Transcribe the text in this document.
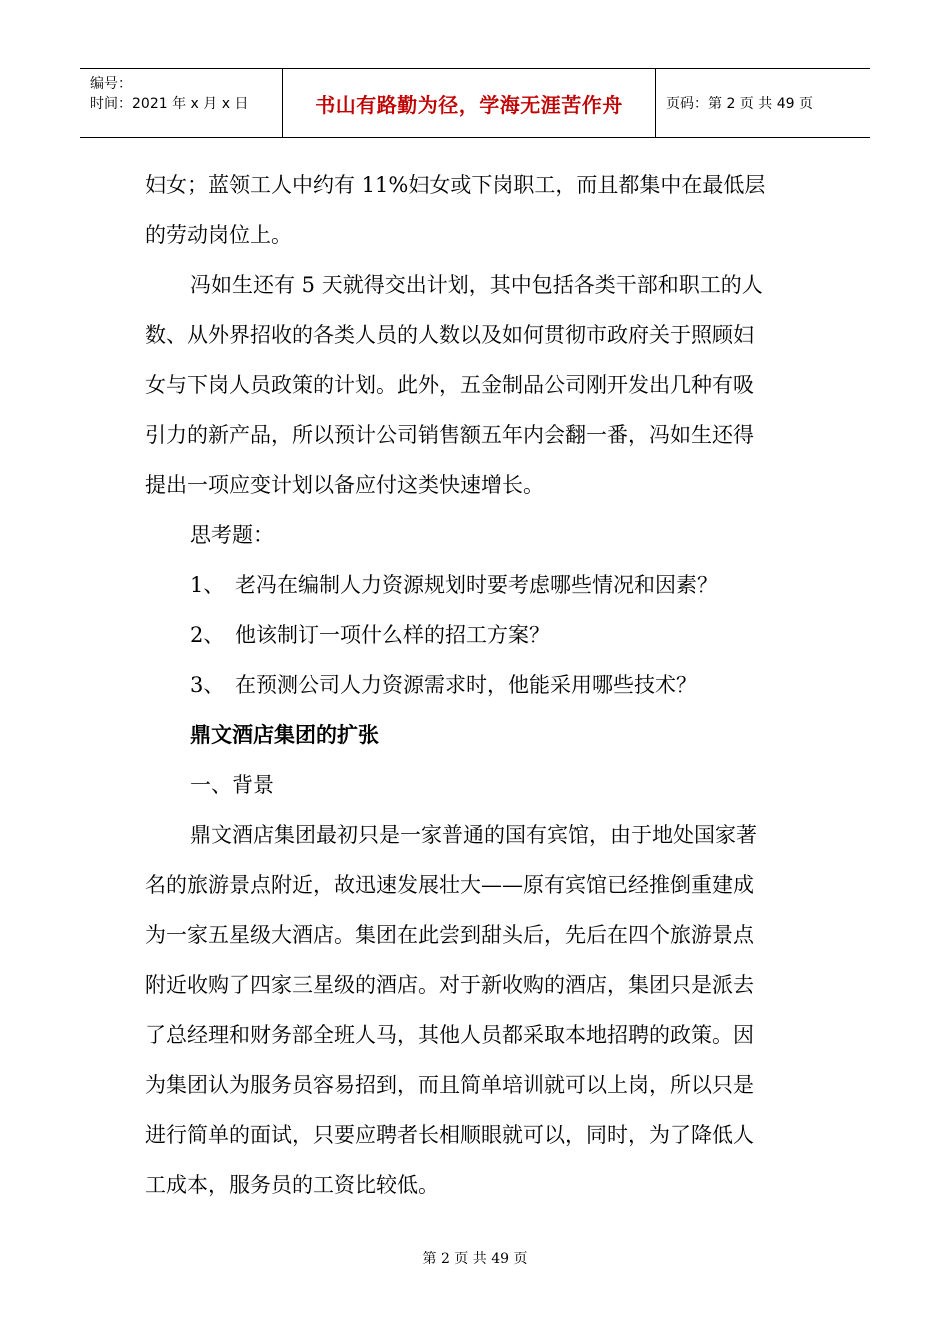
编号：
时间：2021 年 x 月 x 日	书山有路勤为径，学海无涯苦作舟	页码：第 2 页 共 49 页
妇女；蓝领工人中约有 11%妇女或下岗职工，而且都集中在最低层
的劳动岗位上。
冯如生还有 5 天就得交出计划，其中包括各类干部和职工的人
数、从外界招收的各类人员的人数以及如何贯彻市政府关于照顾妇
女与下岗人员政策的计划。此外，五金制品公司刚开发出几种有吸
引力的新产品，所以预计公司销售额五年内会翻一番，冯如生还得
提出一项应变计划以备应付这类快速增长。
思考题：
1、 老冯在编制人力资源规划时要考虑哪些情况和因素？
2、 他该制订一项什么样的招工方案？
3、 在预测公司人力资源需求时，他能采用哪些技术？
鼎文酒店集团的扩张
一、背景
鼎文酒店集团最初只是一家普通的国有宾馆，由于地处国家著
名的旅游景点附近，故迅速发展壮大——原有宾馆已经推倒重建成
为一家五星级大酒店。集团在此尝到甜头后，先后在四个旅游景点
附近收购了四家三星级的酒店。对于新收购的酒店，集团只是派去
了总经理和财务部全班人马，其他人员都采取本地招聘的政策。因
为集团认为服务员容易招到，而且简单培训就可以上岗，所以只是
进行简单的面试，只要应聘者长相顺眼就可以，同时，为了降低人
工成本，服务员的工资比较低。
第 2 页 共 49 页
